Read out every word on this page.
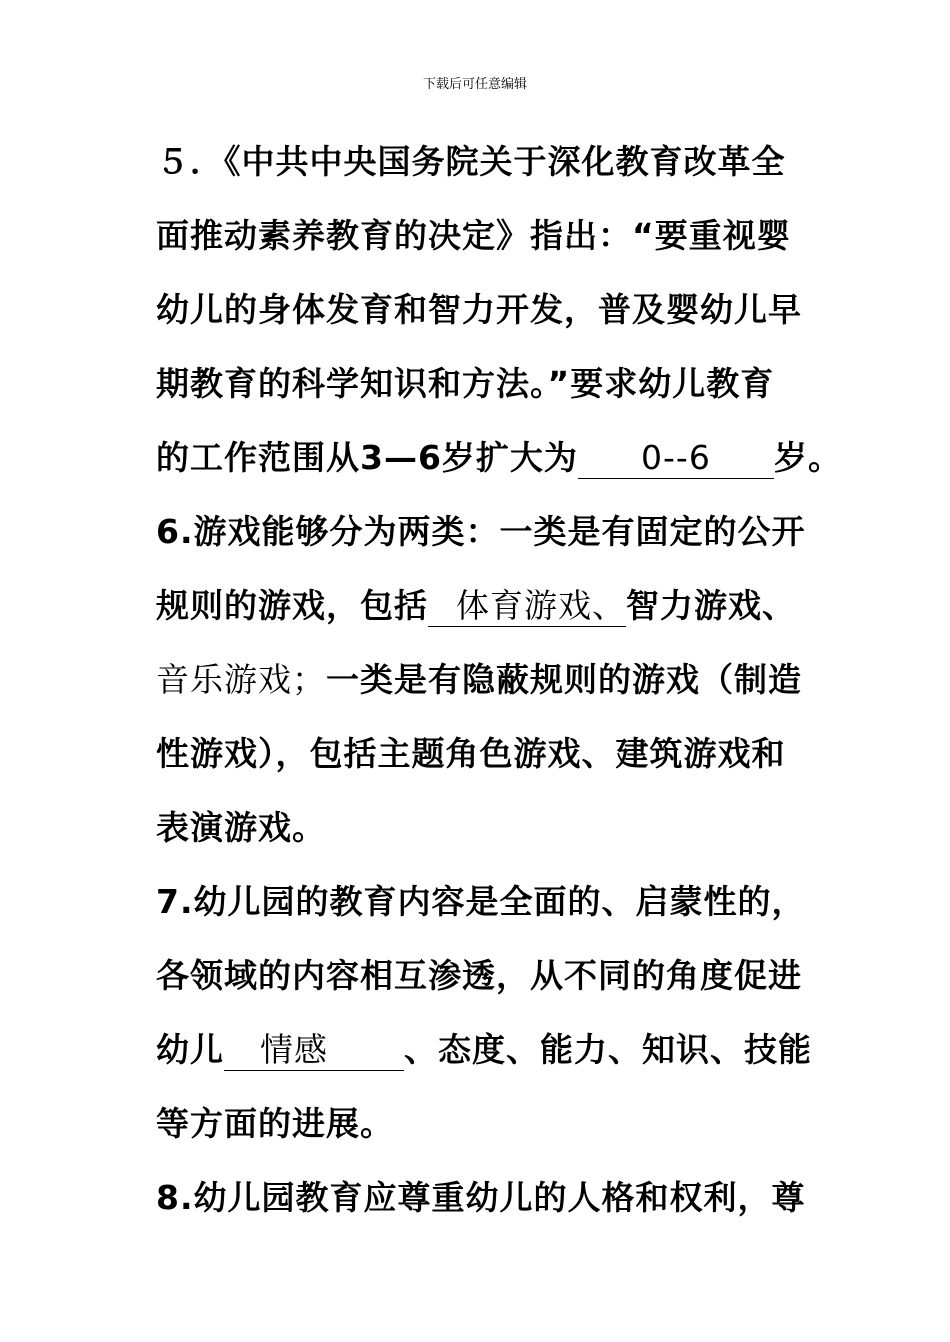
下载后可任意编辑
５．《中共中央国务院关于深化教育改革全
面推动素养教育的决定》指出：“要重视婴
幼儿的身体发育和智力开发，普及婴幼儿早
期教育的科学知识和方法。”要求幼儿教育
的工作范围从3—6岁扩大为 0--6 岁。
6.游戏能够分为两类：一类是有固定的公开
规则的游戏，包括 体育游戏、智力游戏、
音乐游戏；一类是有隐蔽规则的游戏（制造
性游戏），包括主题角色游戏、建筑游戏和
表演游戏。
7.幼儿园的教育内容是全面的、启蒙性的，
各领域的内容相互渗透，从不同的角度促进
幼儿 情感 、态度、能力、知识、技能
等方面的进展。
8.幼儿园教育应尊重幼儿的人格和权利，尊
